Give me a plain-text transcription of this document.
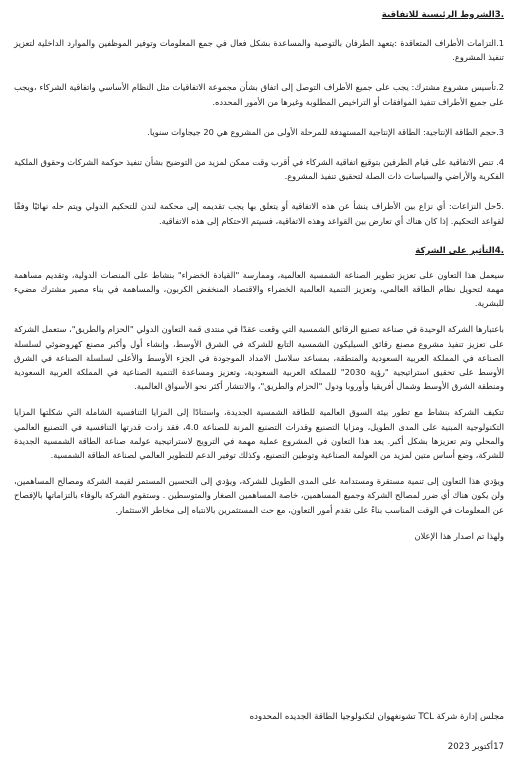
.3الشروط الرئيسية للاتفاقية

1.التزامات الأطراف المتعاقدة :يتعهد الطرفان بالتوصية والمساعدة بشكل فعال في جمع المعلومات وتوفير الموظفين والموارد الداخلية لتعزيز تنفيذ المشروع.

2.تأسيس مشروع مشترك: يجب على جميع الأطراف التوصل إلى اتفاق بشأن مجموعة الاتفاقيات مثل النظام الأساسي واتفاقية الشركاء ،ويجب على جميع الأطراف تنفيذ الموافقات أو التراخيص المطلوبة وغيرها من الأمور المحدده.

3.حجم الطاقة الإنتاجية: الطاقة الإنتاجية المستهدفة للمرحلة الأولى من المشروع هي 20 جيجاوات سنويا.

4. تنص الاتفاقية على قيام الطرفين بتوقيع اتفاقية الشركاء في أقرب وقت ممكن لمزيد من التوضيح بشأن تنفيذ حوكمة الشركات وحقوق الملكية الفكرية والأراضي والسياسات ذات الصلة لتحقيق تنفيذ المشروع.

.5حل النزاعات: أي نزاع بين الأطراف ينشأ عن هذه الاتفاقية أو يتعلق بها يجب تقديمه إلى محكمة لندن للتحكيم الدولي ويتم حله نهائيًا وفقًا لقواعد التحكيم. إذا كان هناك أي تعارض بين القواعد وهذه الاتفاقية، فسيتم الاحتكام إلى هذه الاتفاقية.

.4التأثير على الشركة

سيعمل هذا التعاون على تعزيز تطوير الصناعة الشمسية العالمية، وممارسة "القيادة الخضراء" بنشاط على المنصات الدولية، وتقديم مساهمة مهمة لتحويل نظام الطاقة العالمي، وتعزيز التنمية العالمية الخضراء والاقتصاد المنخفض الكربون، والمساهمة في بناء مصير مشترك مضيء للبشرية.

باعتبارها الشركة الوحيدة في صناعة تصنيع الرقائق الشمسية التي وقعت عقدًا في منتدى قمة التعاون الدولي "الحزام والطريق"، ستعمل الشركة على تعزيز تنفيذ مشروع مصنع رقائق السيليكون الشمسية التابع للشركة في الشرق الأوسط، وإنشاء أول وأكبر مصنع كهروضوئي لسلسلة الصناعة في المملكة العربية السعودية والمنطقة، بمساعد سلاسل الامداد الموجودة في الجزء الأوسط والأعلى لسلسلة الصناعة في الشرق الأوسط على تحقيق استراتيجية "رؤية 2030" للمملكة العربية السعودية، وتعزيز ومساعدة التنمية الصناعية في المملكة العربية السعودية ومنطقة الشرق الأوسط وشمال أفريقيا وأوروبا ودول "الحزام والطريق"، والانتشار أكثر نحو الأسواق العالمية.

تتكيف الشركة بنشاط مع تطور بيئة السوق العالمية للطاقة الشمسية الجديدة، واستنادًا إلى المزايا التنافسية الشاملة التي شكلتها المزايا التكنولوجية المبنية على المدى الطويل، ومزايا التصنيع وقدرات التصنيع المرنة للصناعة 4.0، فقد زادت قدرتها التنافسية في التصنيع العالمي والمحلي وتم تعزيزها بشكل أكبر. يعد هذا التعاون في المشروع عملية مهمة في الترويج لاستراتيجية عولمة صناعة الطاقة الشمسية الجديدة للشركة، وضع أساس متين لمزيد من العولمة الصناعية وتوطين التصنيع، وكذلك توفير الدعم للتطوير العالمي لصناعة الطاقة الشمسية.

ويؤدي هذا التعاون إلى تنمية مستقرة ومستدامة على المدى الطويل للشركة، ويؤدي إلى التحسين المستمر لقيمة الشركة ومصالح المساهمين، ولن يكون هناك أي ضرر لمصالح الشركة وجميع المساهمين، خاصة المساهمين الصغار والمتوسطين . وستقوم الشركة بالوفاء بالتزاماتها بالإفصاح عن المعلومات في الوقت المناسب بناءً على تقدم أمور التعاون، مع حث المستثمرين بالانتباه إلى مخاطر الاستثمار.

ولهذا تم اصدار هذا الإعلان

مجلس إدارة شركة TCL تشونغهوان لتكنولوجيا الطاقة الجديده المحدوده

17أكتوبر 2023
